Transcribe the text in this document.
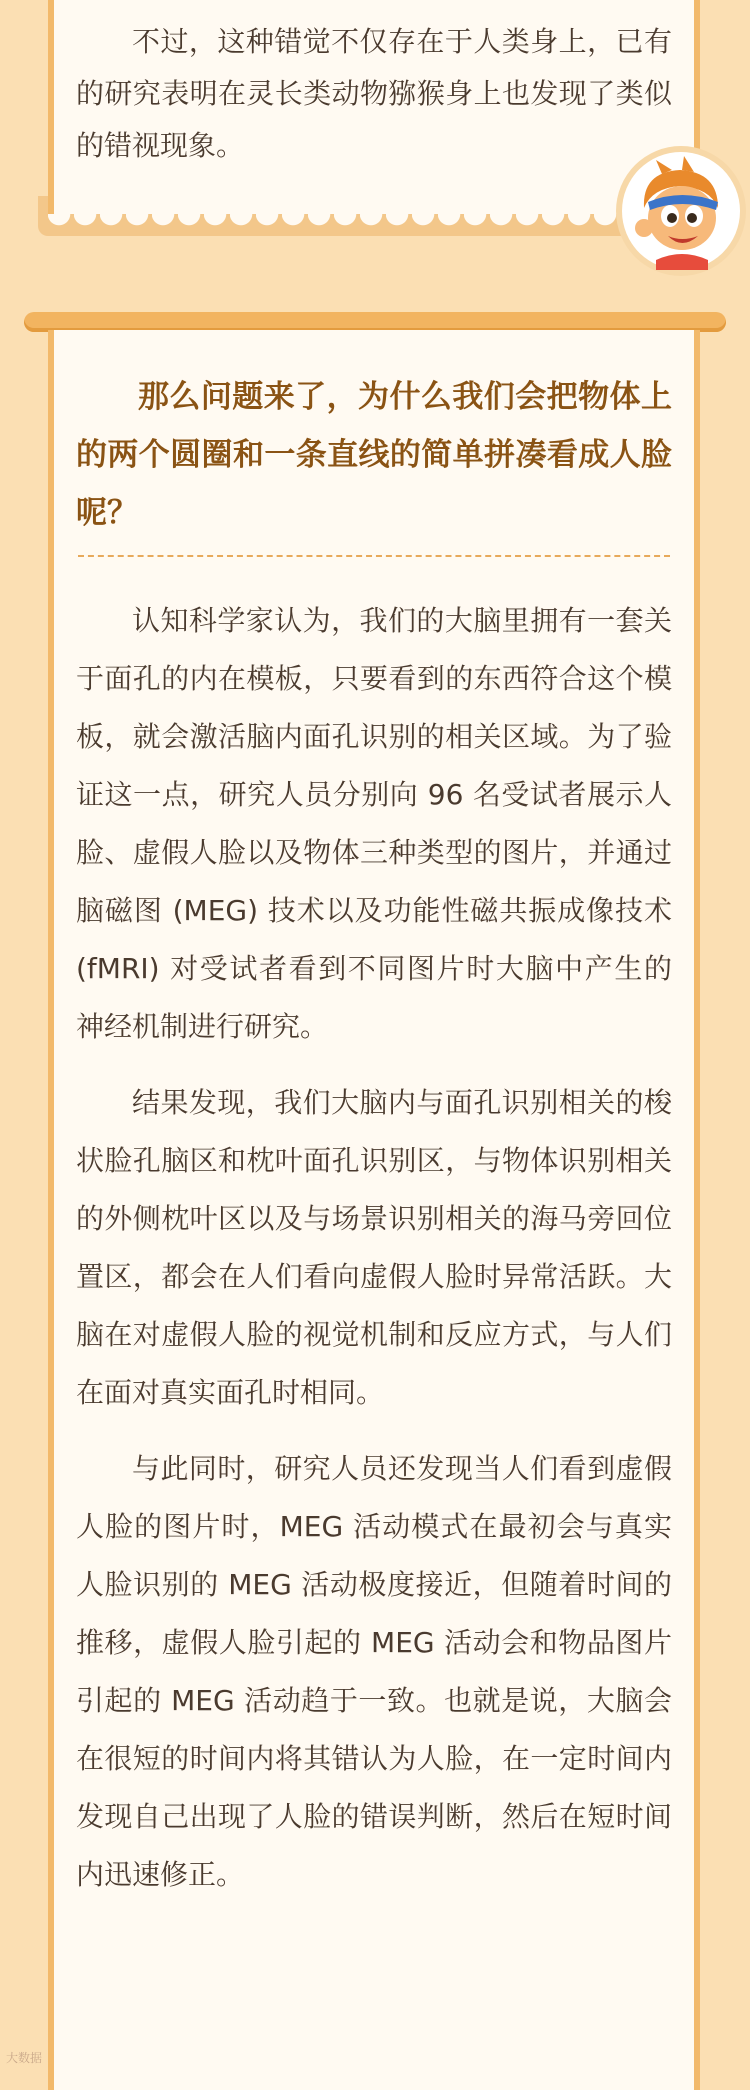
不过，这种错觉不仅存在于人类身上，已有的研究表明在灵长类动物猕猴身上也发现了类似的错视现象。

那么问题来了，为什么我们会把物体上的两个圆圈和一条直线的简单拼凑看成人脸呢？

认知科学家认为，我们的大脑里拥有一套关于面孔的内在模板，只要看到的东西符合这个模板，就会激活脑内面孔识别的相关区域。为了验证这一点，研究人员分别向 96 名受试者展示人脸、虚假人脸以及物体三种类型的图片，并通过脑磁图 (MEG) 技术以及功能性磁共振成像技术 (fMRI) 对受试者看到不同图片时大脑中产生的神经机制进行研究。

结果发现，我们大脑内与面孔识别相关的梭状脸孔脑区和枕叶面孔识别区，与物体识别相关的外侧枕叶区以及与场景识别相关的海马旁回位置区，都会在人们看向虚假人脸时异常活跃。大脑在对虚假人脸的视觉机制和反应方式，与人们在面对真实面孔时相同。

与此同时，研究人员还发现当人们看到虚假人脸的图片时，MEG 活动模式在最初会与真实人脸识别的 MEG 活动极度接近，但随着时间的推移，虚假人脸引起的 MEG 活动会和物品图片引起的 MEG 活动趋于一致。也就是说，大脑会在很短的时间内将其错认为人脸，在一定时间内发现自己出现了人脸的错误判断，然后在短时间内迅速修正。

大数据
